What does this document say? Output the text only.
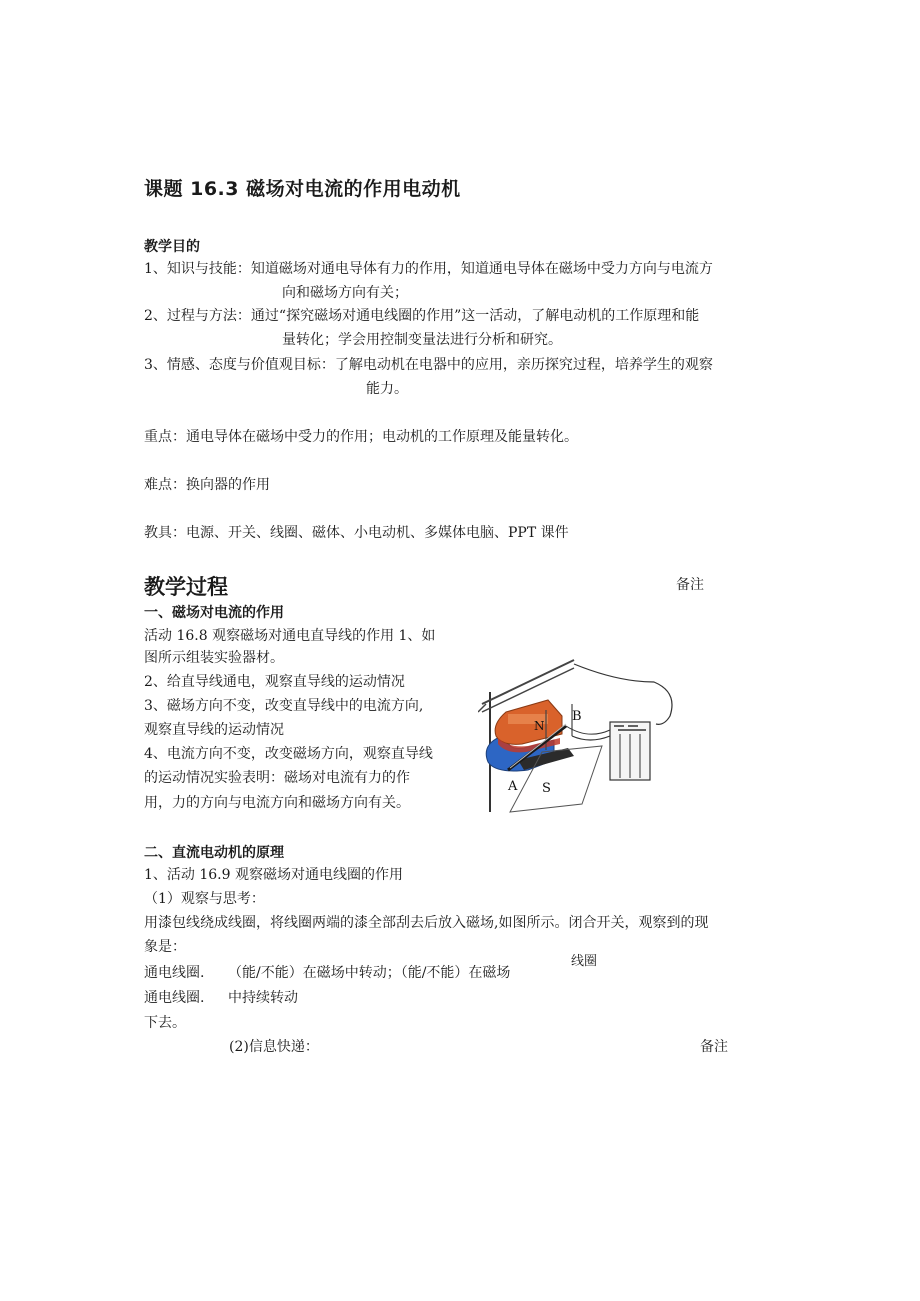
课题 16.3 磁场对电流的作用电动机
教学目的
1、知识与技能：知道磁场对通电导体有力的作用，知道通电导体在磁场中受力方向与电流方
向和磁场方向有关；
2、过程与方法：通过“探究磁场对通电线圈的作用”这一活动，了解电动机的工作原理和能
量转化；学会用控制变量法进行分析和研究。
3、情感、态度与价值观目标：了解电动机在电器中的应用，亲历探究过程，培养学生的观察
能力。
重点：通电导体在磁场中受力的作用；电动机的工作原理及能量转化。
难点：换向器的作用
教具：电源、开关、线圈、磁体、小电动机、多媒体电脑、PPT 课件
教学过程	备注
一、磁场对电流的作用
活动 16.8 观察磁场对通电直导线的作用 1、如
图所示组装实验器材。
2、给直导线通电，观察直导线的运动情况
3、磁场方向不变，改变直导线中的电流方向,
观察直导线的运动情况
4、电流方向不变，改变磁场方向，观察直导线
的运动情况实验表明：磁场对电流有力的作
用，力的方向与电流方向和磁场方向有关。
N
B
A S
二、直流电动机的原理
1、活动 16.9 观察磁场对通电线圈的作用
（1）观察与思考：
用漆包线绕成线圈，将线圈两端的漆全部刮去后放入磁场,如图所示。闭合开关，观察到的现
象是：
线圈
通电线圈. （能/不能）在磁场中转动；（能/不能）在磁场
通电线圈. 中持续转动
下去。
(2)信息快递：	备注
